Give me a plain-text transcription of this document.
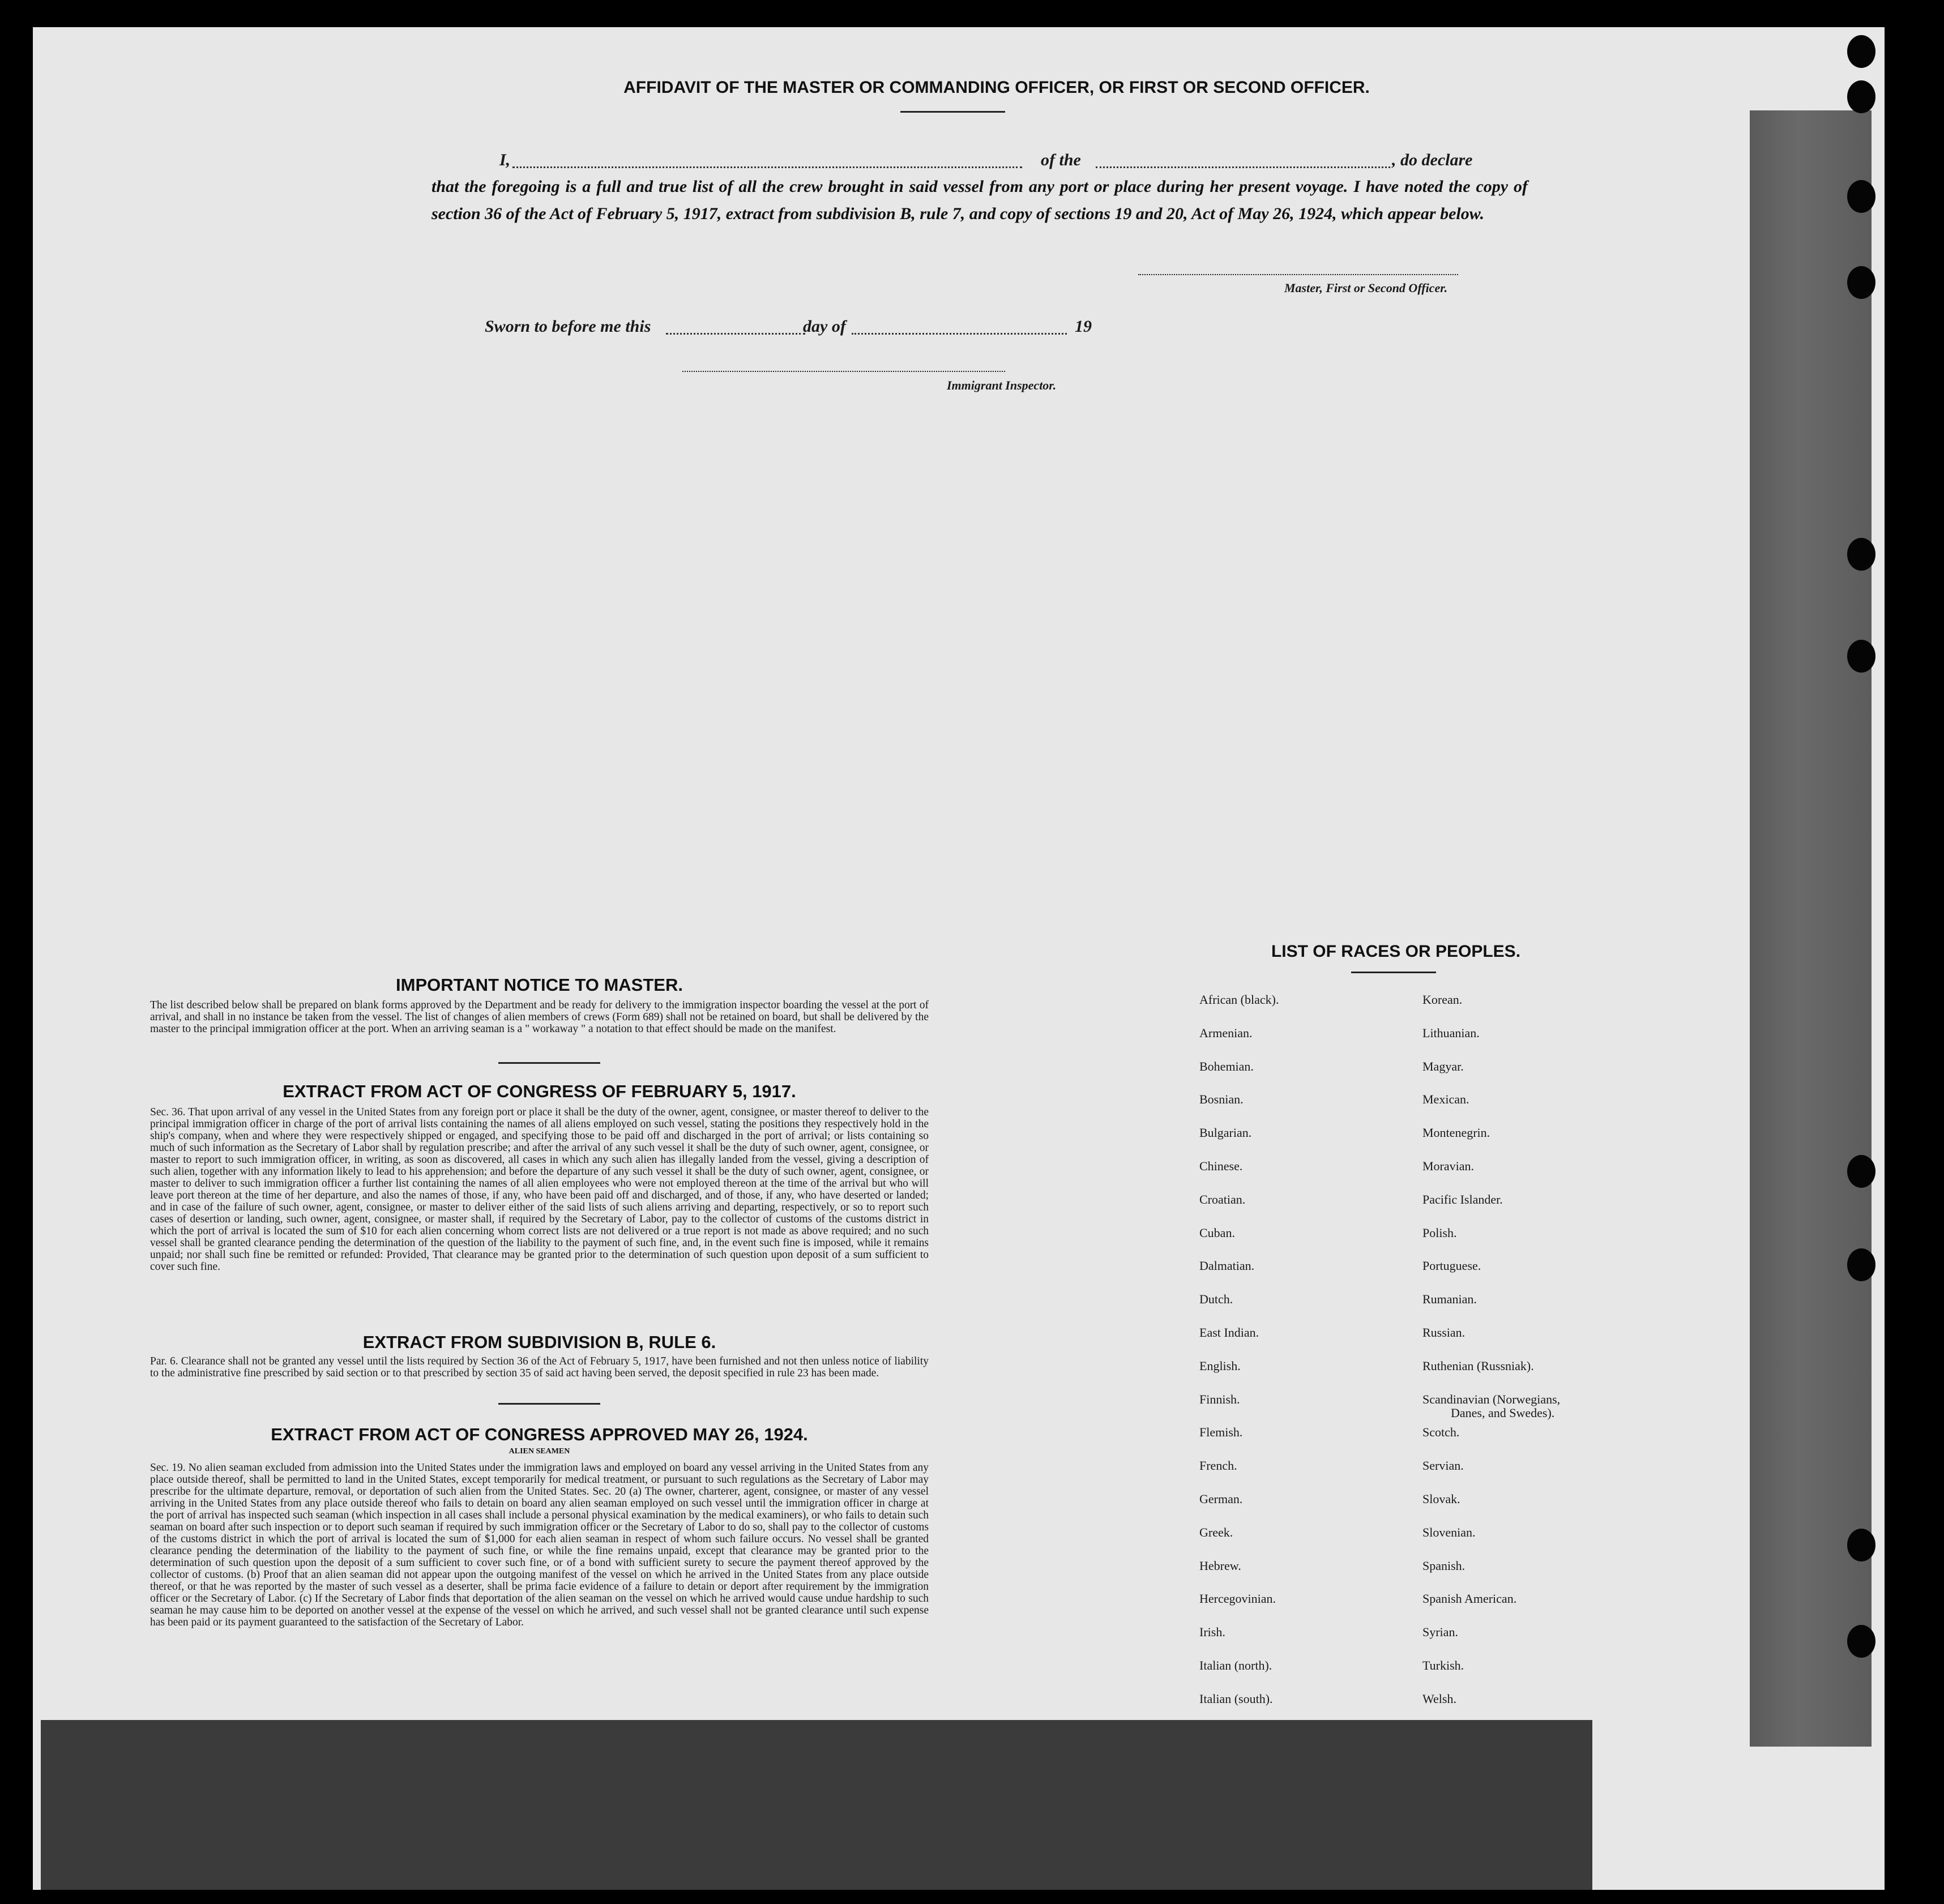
AFFIDAVIT OF THE MASTER OR COMMANDING OFFICER, OR FIRST OR SECOND OFFICER.
I,	of the	, do declare
that the foregoing is a full and true list of all the crew brought in said vessel from any port or place during her present voyage. I have noted the copy of section 36 of the Act of February 5, 1917, extract from subdivision B, rule 7, and copy of sections 19 and 20, Act of May 26, 1924, which appear below.
Master, First or Second Officer.
Sworn to before me this	day of	19
Immigrant Inspector.
IMPORTANT NOTICE TO MASTER.
The list described below shall be prepared on blank forms approved by the Department and be ready for delivery to the immigration inspector boarding the vessel at the port of arrival, and shall in no instance be taken from the vessel. The list of changes of alien members of crews (Form 689) shall not be retained on board, but shall be delivered by the master to the principal immigration officer at the port. When an arriving seaman is a " workaway " a notation to that effect should be made on the manifest.
EXTRACT FROM ACT OF CONGRESS OF FEBRUARY 5, 1917.
Sec. 36. That upon arrival of any vessel in the United States from any foreign port or place it shall be the duty of the owner, agent, consignee, or master thereof to deliver to the principal immigration officer in charge of the port of arrival lists containing the names of all aliens employed on such vessel, stating the positions they respectively hold in the ship's company, when and where they were respectively shipped or engaged, and specifying those to be paid off and discharged in the port of arrival; or lists containing so much of such information as the Secretary of Labor shall by regulation prescribe; and after the arrival of any such vessel it shall be the duty of such owner, agent, consignee, or master to report to such immigration officer, in writing, as soon as discovered, all cases in which any such alien has illegally landed from the vessel, giving a description of such alien, together with any information likely to lead to his apprehension; and before the departure of any such vessel it shall be the duty of such owner, agent, consignee, or master to deliver to such immigration officer a further list containing the names of all alien employees who were not employed thereon at the time of the arrival but who will leave port thereon at the time of her departure, and also the names of those, if any, who have been paid off and discharged, and of those, if any, who have deserted or landed; and in case of the failure of such owner, agent, consignee, or master to deliver either of the said lists of such aliens arriving and departing, respectively, or so to report such cases of desertion or landing, such owner, agent, consignee, or master shall, if required by the Secretary of Labor, pay to the collector of customs of the customs district in which the port of arrival is located the sum of $10 for each alien concerning whom correct lists are not delivered or a true report is not made as above required; and no such vessel shall be granted clearance pending the determination of the question of the liability to the payment of such fine, and, in the event such fine is imposed, while it remains unpaid; nor shall such fine be remitted or refunded: Provided, That clearance may be granted prior to the determination of such question upon deposit of a sum sufficient to cover such fine.
EXTRACT FROM SUBDIVISION B, RULE 6.
Par. 6. Clearance shall not be granted any vessel until the lists required by Section 36 of the Act of February 5, 1917, have been furnished and not then unless notice of liability to the administrative fine prescribed by said section or to that prescribed by section 35 of said act having been served, the deposit specified in rule 23 has been made.
EXTRACT FROM ACT OF CONGRESS APPROVED MAY 26, 1924.
ALIEN SEAMEN
Sec. 19. No alien seaman excluded from admission into the United States under the immigration laws and employed on board any vessel arriving in the United States from any place outside thereof, shall be permitted to land in the United States, except temporarily for medical treatment, or pursuant to such regulations as the Secretary of Labor may prescribe for the ultimate departure, removal, or deportation of such alien from the United States. Sec. 20 (a) The owner, charterer, agent, consignee, or master of any vessel arriving in the United States from any place outside thereof who fails to detain on board any alien seaman employed on such vessel until the immigration officer in charge at the port of arrival has inspected such seaman (which inspection in all cases shall include a personal physical examination by the medical examiners), or who fails to detain such seaman on board after such inspection or to deport such seaman if required by such immigration officer or the Secretary of Labor to do so, shall pay to the collector of customs of the customs district in which the port of arrival is located the sum of $1,000 for each alien seaman in respect of whom such failure occurs. No vessel shall be granted clearance pending the determination of the liability to the payment of such fine, or while the fine remains unpaid, except that clearance may be granted prior to the determination of such question upon the deposit of a sum sufficient to cover such fine, or of a bond with sufficient surety to secure the payment thereof approved by the collector of customs. (b) Proof that an alien seaman did not appear upon the outgoing manifest of the vessel on which he arrived in the United States from any place outside thereof, or that he was reported by the master of such vessel as a deserter, shall be prima facie evidence of a failure to detain or deport after requirement by the immigration officer or the Secretary of Labor. (c) If the Secretary of Labor finds that deportation of the alien seaman on the vessel on which he arrived would cause undue hardship to such seaman he may cause him to be deported on another vessel at the expense of the vessel on which he arrived, and such vessel shall not be granted clearance until such expense has been paid or its payment guaranteed to the satisfaction of the Secretary of Labor.
LIST OF RACES OR PEOPLES.
African (black).
Armenian.
Bohemian.
Bosnian.
Bulgarian.
Chinese.
Croatian.
Cuban.
Dalmatian.
Dutch.
East Indian.
English.
Finnish.
Flemish.
French.
German.
Greek.
Hebrew.
Hercegovinian.
Irish.
Italian (north).
Italian (south).
Korean.
Lithuanian.
Magyar.
Mexican.
Montenegrin.
Moravian.
Pacific Islander.
Polish.
Portuguese.
Rumanian.
Russian.
Ruthenian (Russniak).
Scandinavian (Norwegians,
Scotch.
Servian.
Slovak.
Slovenian.
Spanish.
Spanish American.
Syrian.
Turkish.
Welsh.
Danes, and Swedes).
